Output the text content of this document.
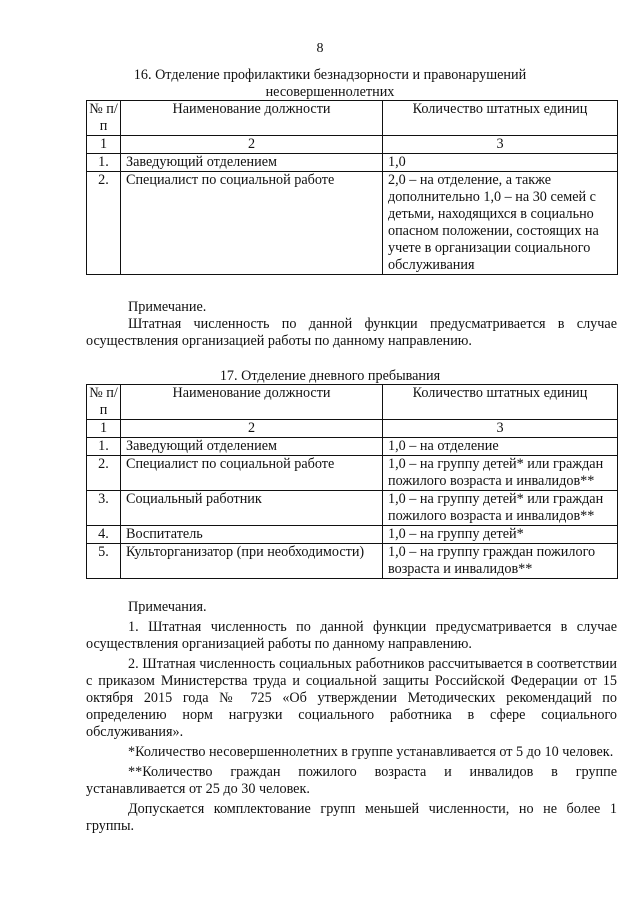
8
16. Отделение профилактики безнадзорности и правонарушений несовершеннолетних
№ п/п	Наименование должности	Количество штатных единиц
1	2	3
1.	Заведующий отделением	1,0
2.	Специалист по социальной работе	2,0 – на отделение, а также дополнительно 1,0 – на 30 семей с детьми, находящихся в социально опасном положении, состоящих на учете в организации социального обслуживания

Примечание.

Штатная численность по данной функции предусматривается в случае осуществления организацией работы по данному направлению.

17. Отделение дневного пребывания
№ п/п	Наименование должности	Количество штатных единиц
1	2	3
1.	Заведующий отделением	1,0 – на отделение
2.	Специалист по социальной работе	1,0 – на группу детей* или граждан пожилого возраста и инвалидов**
3.	Социальный работник	1,0 – на группу детей* или граждан пожилого возраста и инвалидов**
4.	Воспитатель	1,0 – на группу детей*
5.	Культорганизатор (при необходимости)	1,0 – на группу граждан пожилого возраста и инвалидов**

Примечания.

1. Штатная численность по данной функции предусматривается в случае осуществления организацией работы по данному направлению.

2. Штатная численность социальных работников рассчитывается в соответствии с приказом Министерства труда и социальной защиты Российской Федерации от 15 октября 2015 года № 725 «Об утверждении Методических рекомендаций по определению норм нагрузки социального работника в сфере социального обслуживания».

*Количество несовершеннолетних в группе устанавливается от 5 до 10 человек.

**Количество граждан пожилого возраста и инвалидов в группе устанавливается от 25 до 30 человек.

Допускается комплектование групп меньшей численности, но не более 1 группы.
